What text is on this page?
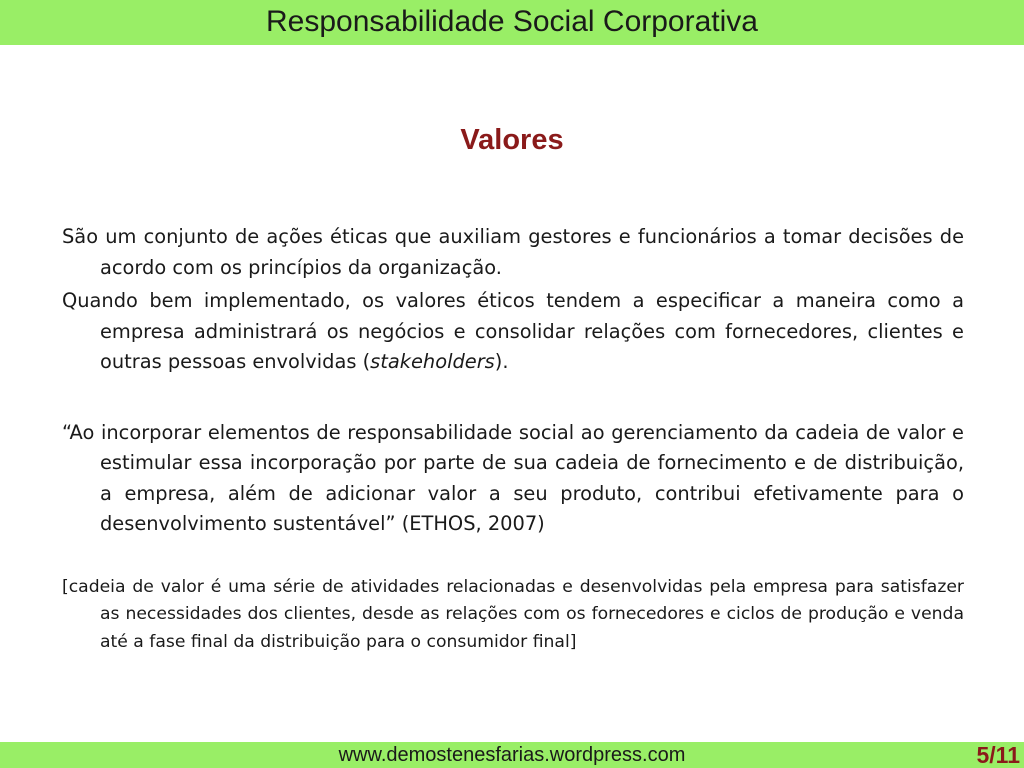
Responsabilidade Social Corporativa
Valores

São um conjunto de ações éticas que auxiliam gestores e funcionários a tomar decisões de acordo com os princípios da organização.

Quando bem implementado, os valores éticos tendem a especificar a maneira como a empresa administrará os negócios e consolidar relações com fornecedores, clientes e outras pessoas envolvidas (stakeholders).

“Ao incorporar elementos de responsabilidade social ao gerenciamento da cadeia de valor e estimular essa incorporação por parte de sua cadeia de fornecimento e de distribuição, a empresa, além de adicionar valor a seu produto, contribui efetivamente para o desenvolvimento sustentável” (ETHOS, 2007)

[cadeia de valor é uma série de atividades relacionadas e desenvolvidas pela empresa para satisfazer as necessidades dos clientes, desde as relações com os fornecedores e ciclos de produção e venda até a fase final da distribuição para o consumidor final]

www.demostenesfarias.wordpress.com	5/11
